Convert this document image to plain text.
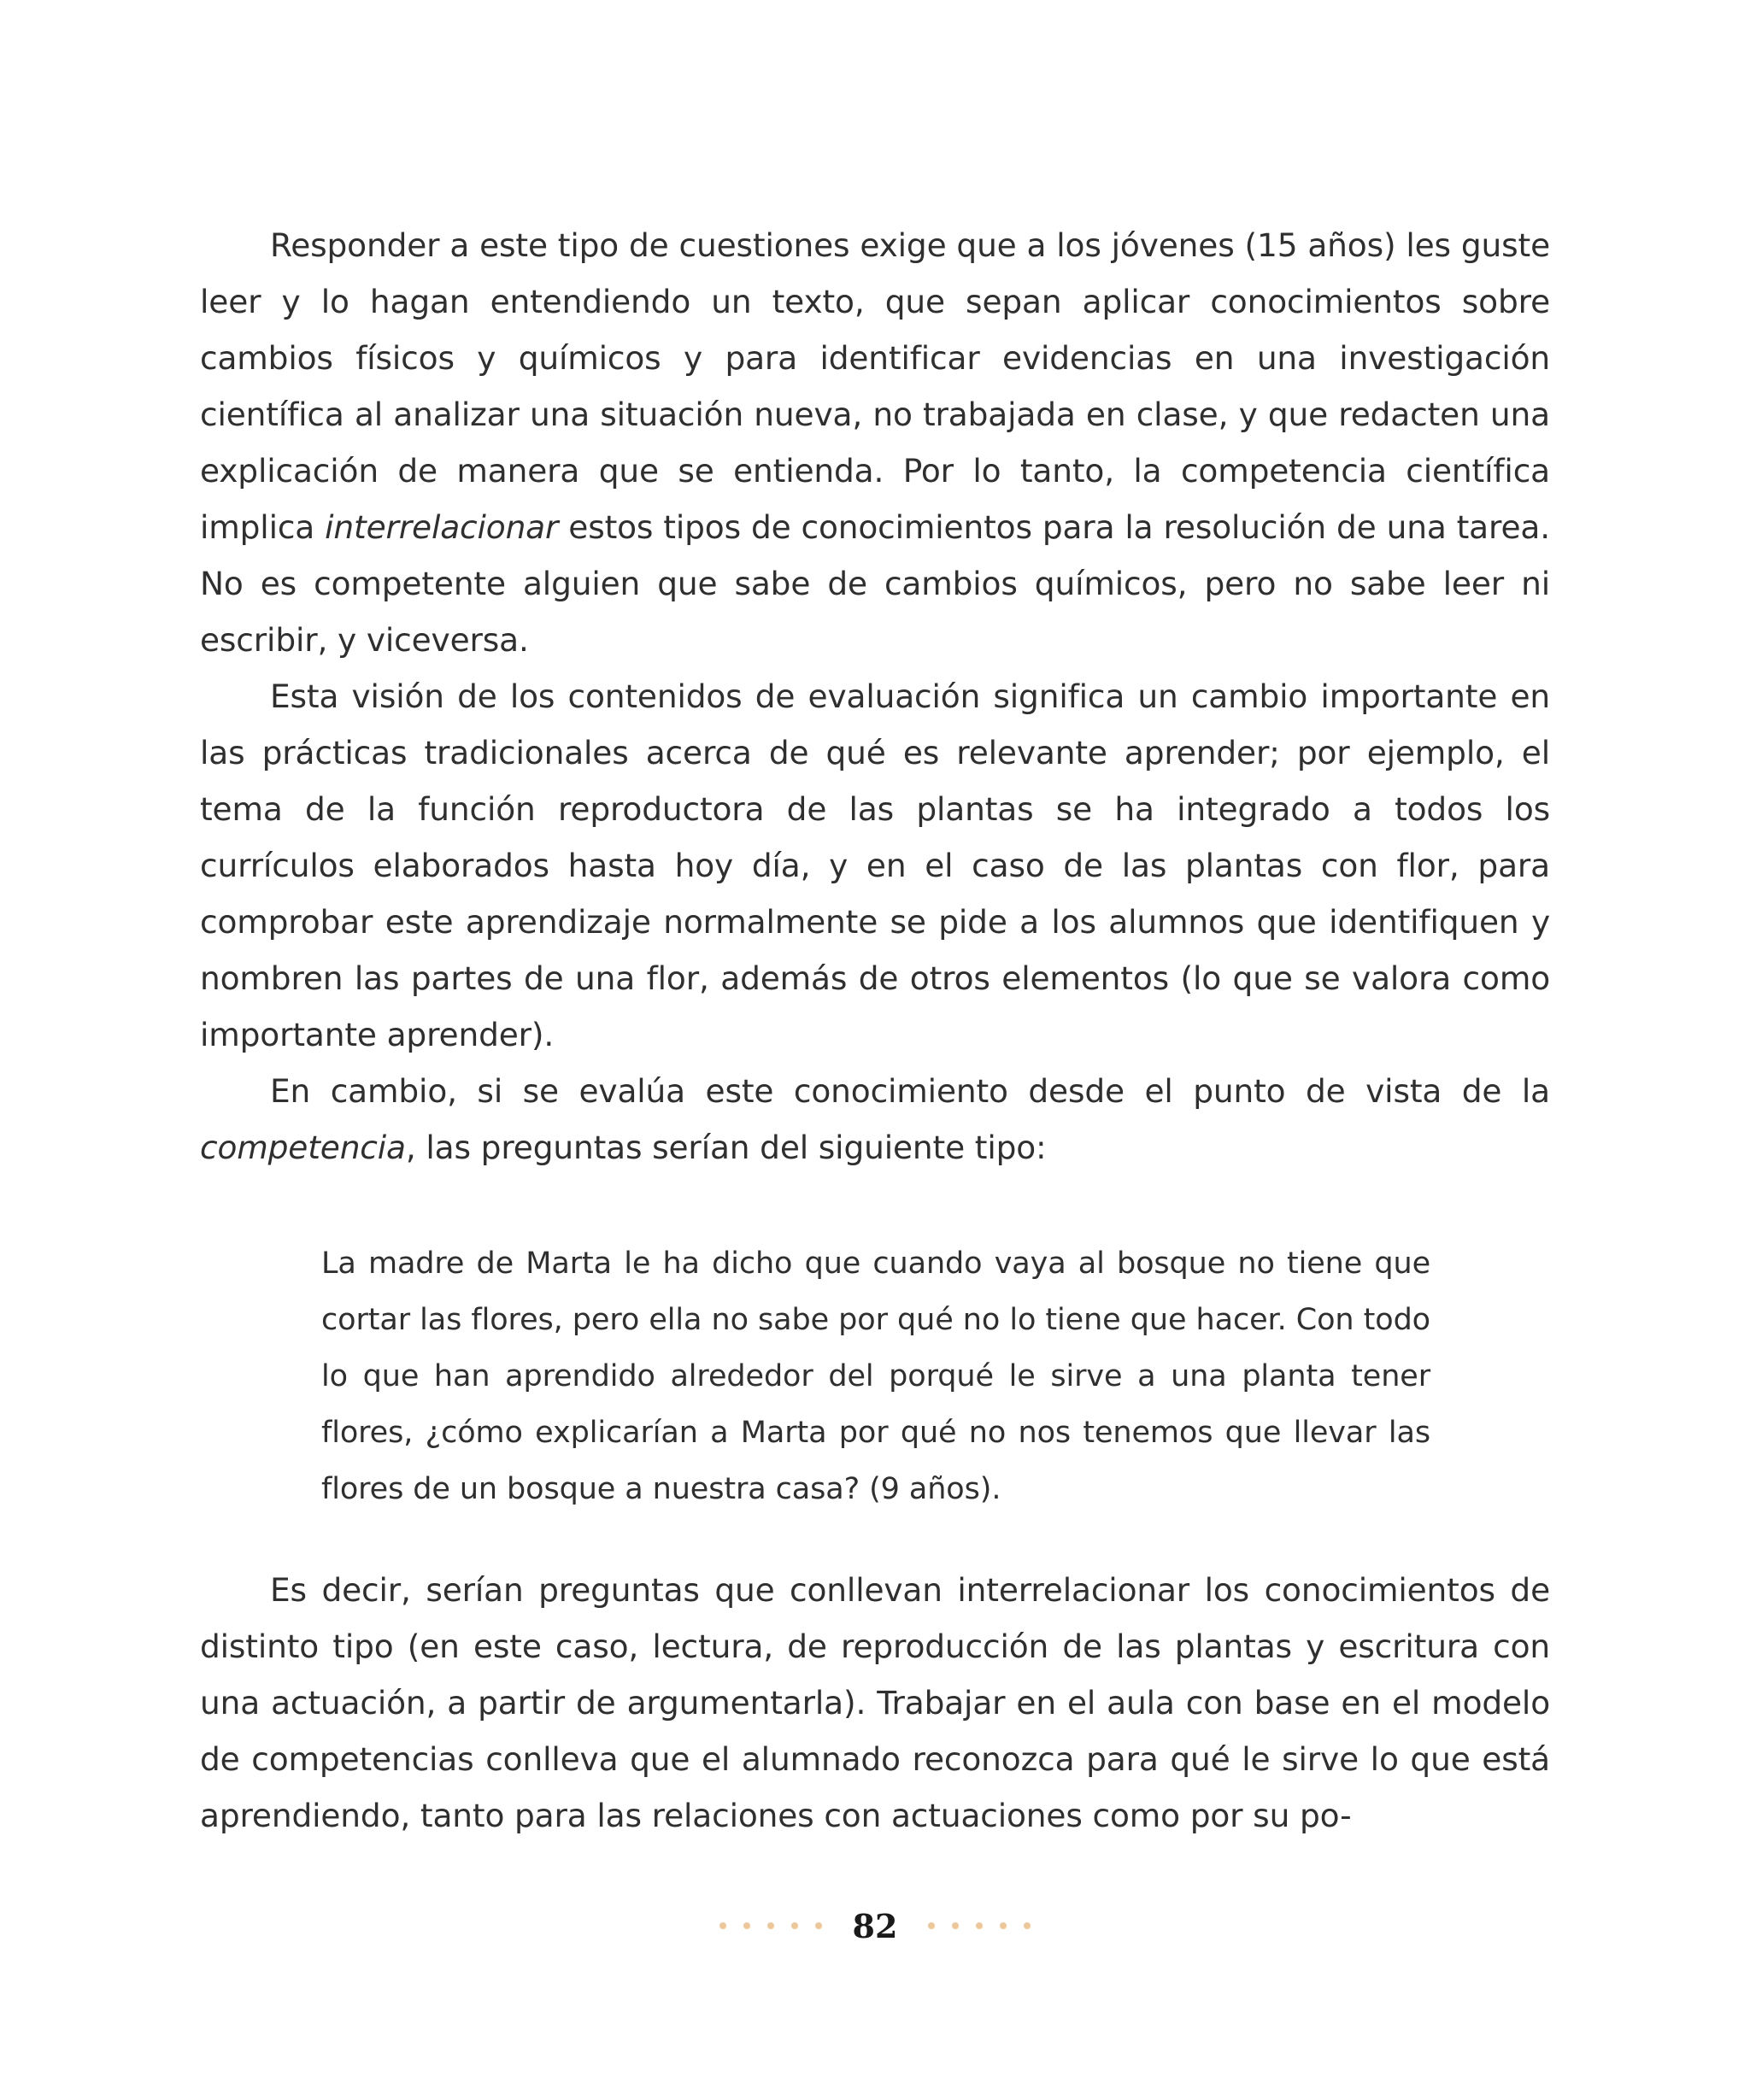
Responder a este tipo de cuestiones exige que a los jóvenes (15 años) les guste leer y lo hagan entendiendo un texto, que sepan aplicar conocimientos sobre cambios físicos y químicos y para identificar evidencias en una investigación científica al analizar una situación nueva, no trabajada en clase, y que redacten una explicación de manera que se entienda. Por lo tanto, la competencia científica implica interrelacionar estos tipos de conocimientos para la resolución de una tarea. No es competente alguien que sabe de cambios químicos, pero no sabe leer ni escribir, y viceversa.

Esta visión de los contenidos de evaluación significa un cambio importante en las prácticas tradicionales acerca de qué es relevante aprender; por ejemplo, el tema de la función reproductora de las plantas se ha integrado a todos los currículos elaborados hasta hoy día, y en el caso de las plantas con flor, para comprobar este aprendizaje normalmente se pide a los alumnos que identifiquen y nombren las partes de una flor, además de otros elementos (lo que se valora como importante aprender).

En cambio, si se evalúa este conocimiento desde el punto de vista de la competencia, las preguntas serían del siguiente tipo:

La madre de Marta le ha dicho que cuando vaya al bosque no tiene que cortar las flores, pero ella no sabe por qué no lo tiene que hacer. Con todo lo que han aprendido alrededor del porqué le sirve a una planta tener flores, ¿cómo explicarían a Marta por qué no nos tenemos que llevar las flores de un bosque a nuestra casa? (9 años).

Es decir, serían preguntas que conllevan interrelacionar los conocimientos de distinto tipo (en este caso, lectura, de reproducción de las plantas y escritura con una actuación, a partir de argumentarla). Trabajar en el aula con base en el modelo de competencias conlleva que el alumnado reconozca para qué le sirve lo que está aprendiendo, tanto para las relaciones con actuaciones como por su po-

82
